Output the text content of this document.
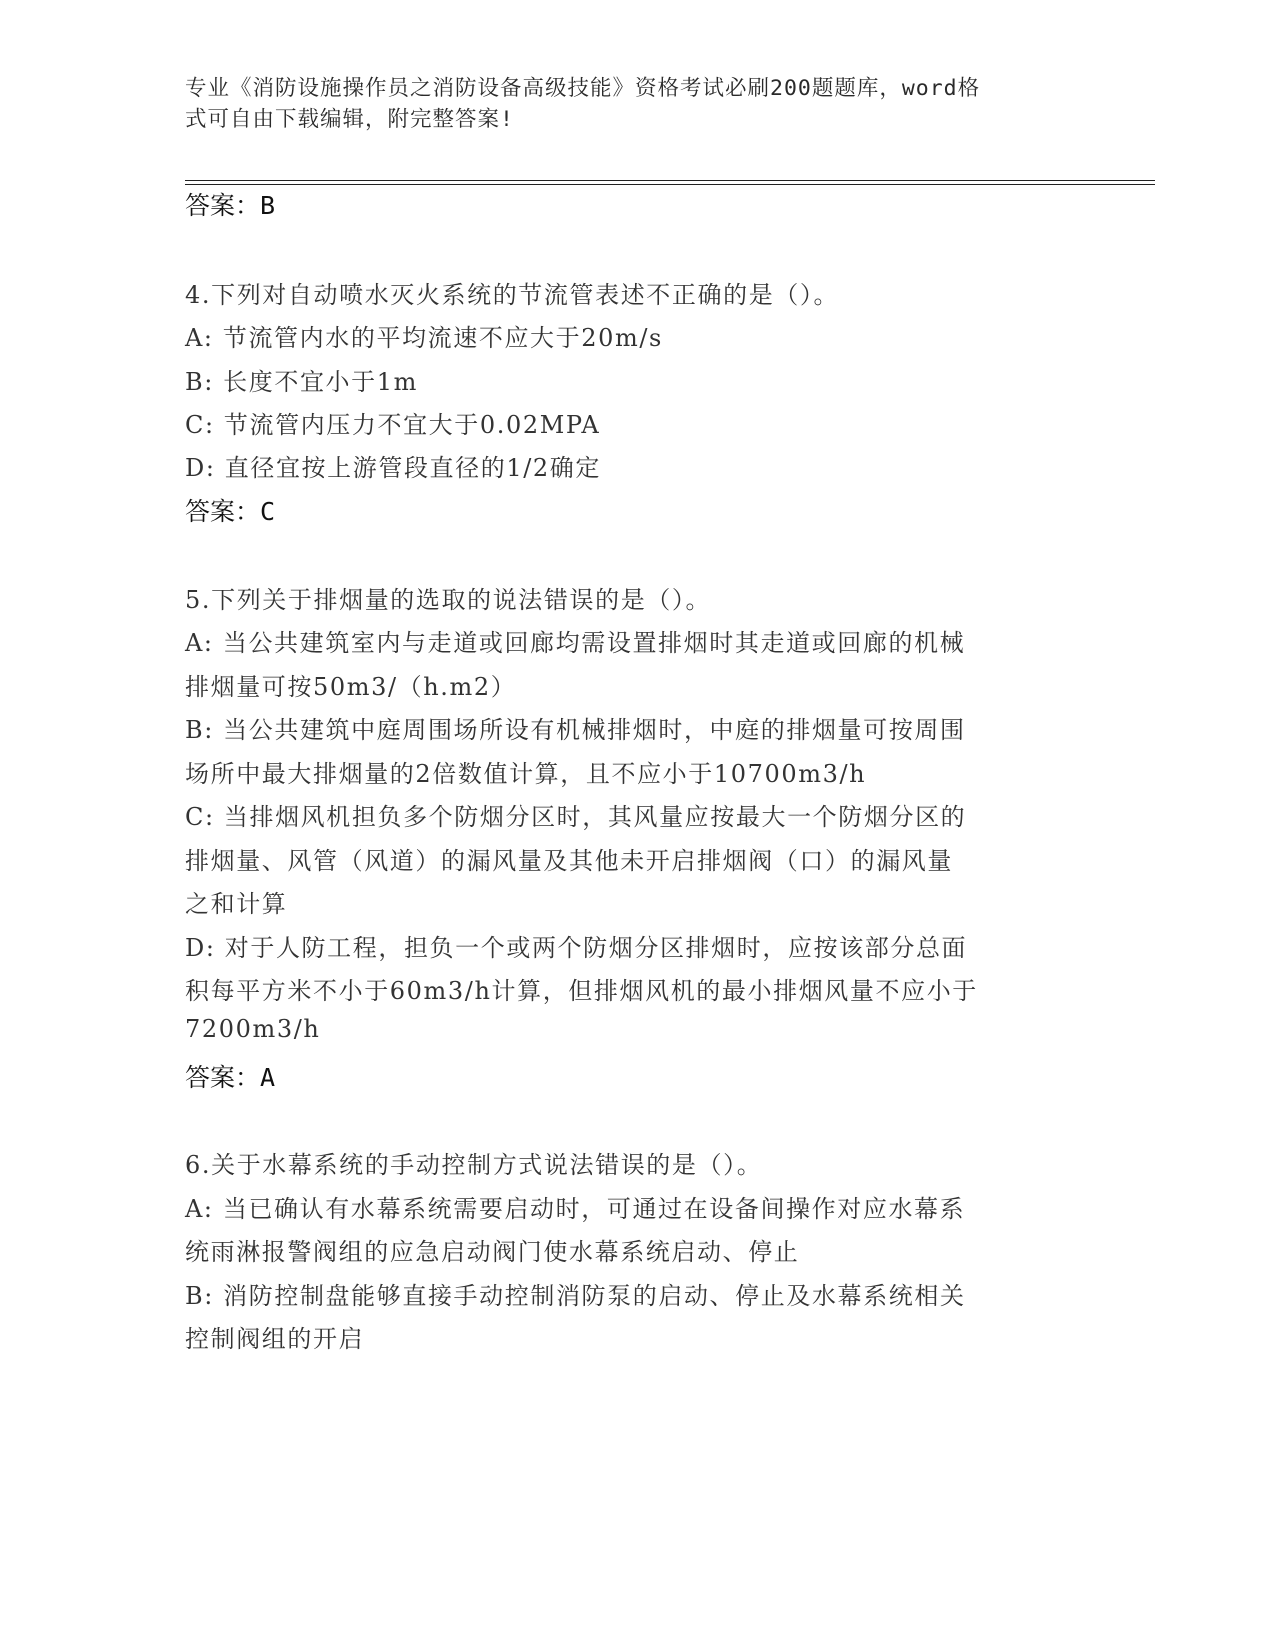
专业《消防设施操作员之消防设备高级技能》资格考试必刷200题题库，word格
式可自由下载编辑，附完整答案!
答案：B
4.下列对自动喷水灭火系统的节流管表述不正确的是（）。
A: 节流管内水的平均流速不应大于20m/s
B: 长度不宜小于1m
C: 节流管内压力不宜大于0.02MPA
D: 直径宜按上游管段直径的1/2确定
答案：C
5.下列关于排烟量的选取的说法错误的是（）。
A: 当公共建筑室内与走道或回廊均需设置排烟时其走道或回廊的机械
排烟量可按50m3/（h.m2）
B: 当公共建筑中庭周围场所设有机械排烟时，中庭的排烟量可按周围
场所中最大排烟量的2倍数值计算，且不应小于10700m3/h
C: 当排烟风机担负多个防烟分区时，其风量应按最大一个防烟分区的
排烟量、风管（风道）的漏风量及其他未开启排烟阀（口）的漏风量
之和计算
D: 对于人防工程，担负一个或两个防烟分区排烟时，应按该部分总面
积每平方米不小于60m3/h计算，但排烟风机的最小排烟风量不应小于
7200m3/h
答案：A
6.关于水幕系统的手动控制方式说法错误的是（）。
A: 当已确认有水幕系统需要启动时，可通过在设备间操作对应水幕系
统雨淋报警阀组的应急启动阀门使水幕系统启动、停止
B: 消防控制盘能够直接手动控制消防泵的启动、停止及水幕系统相关
控制阀组的开启
